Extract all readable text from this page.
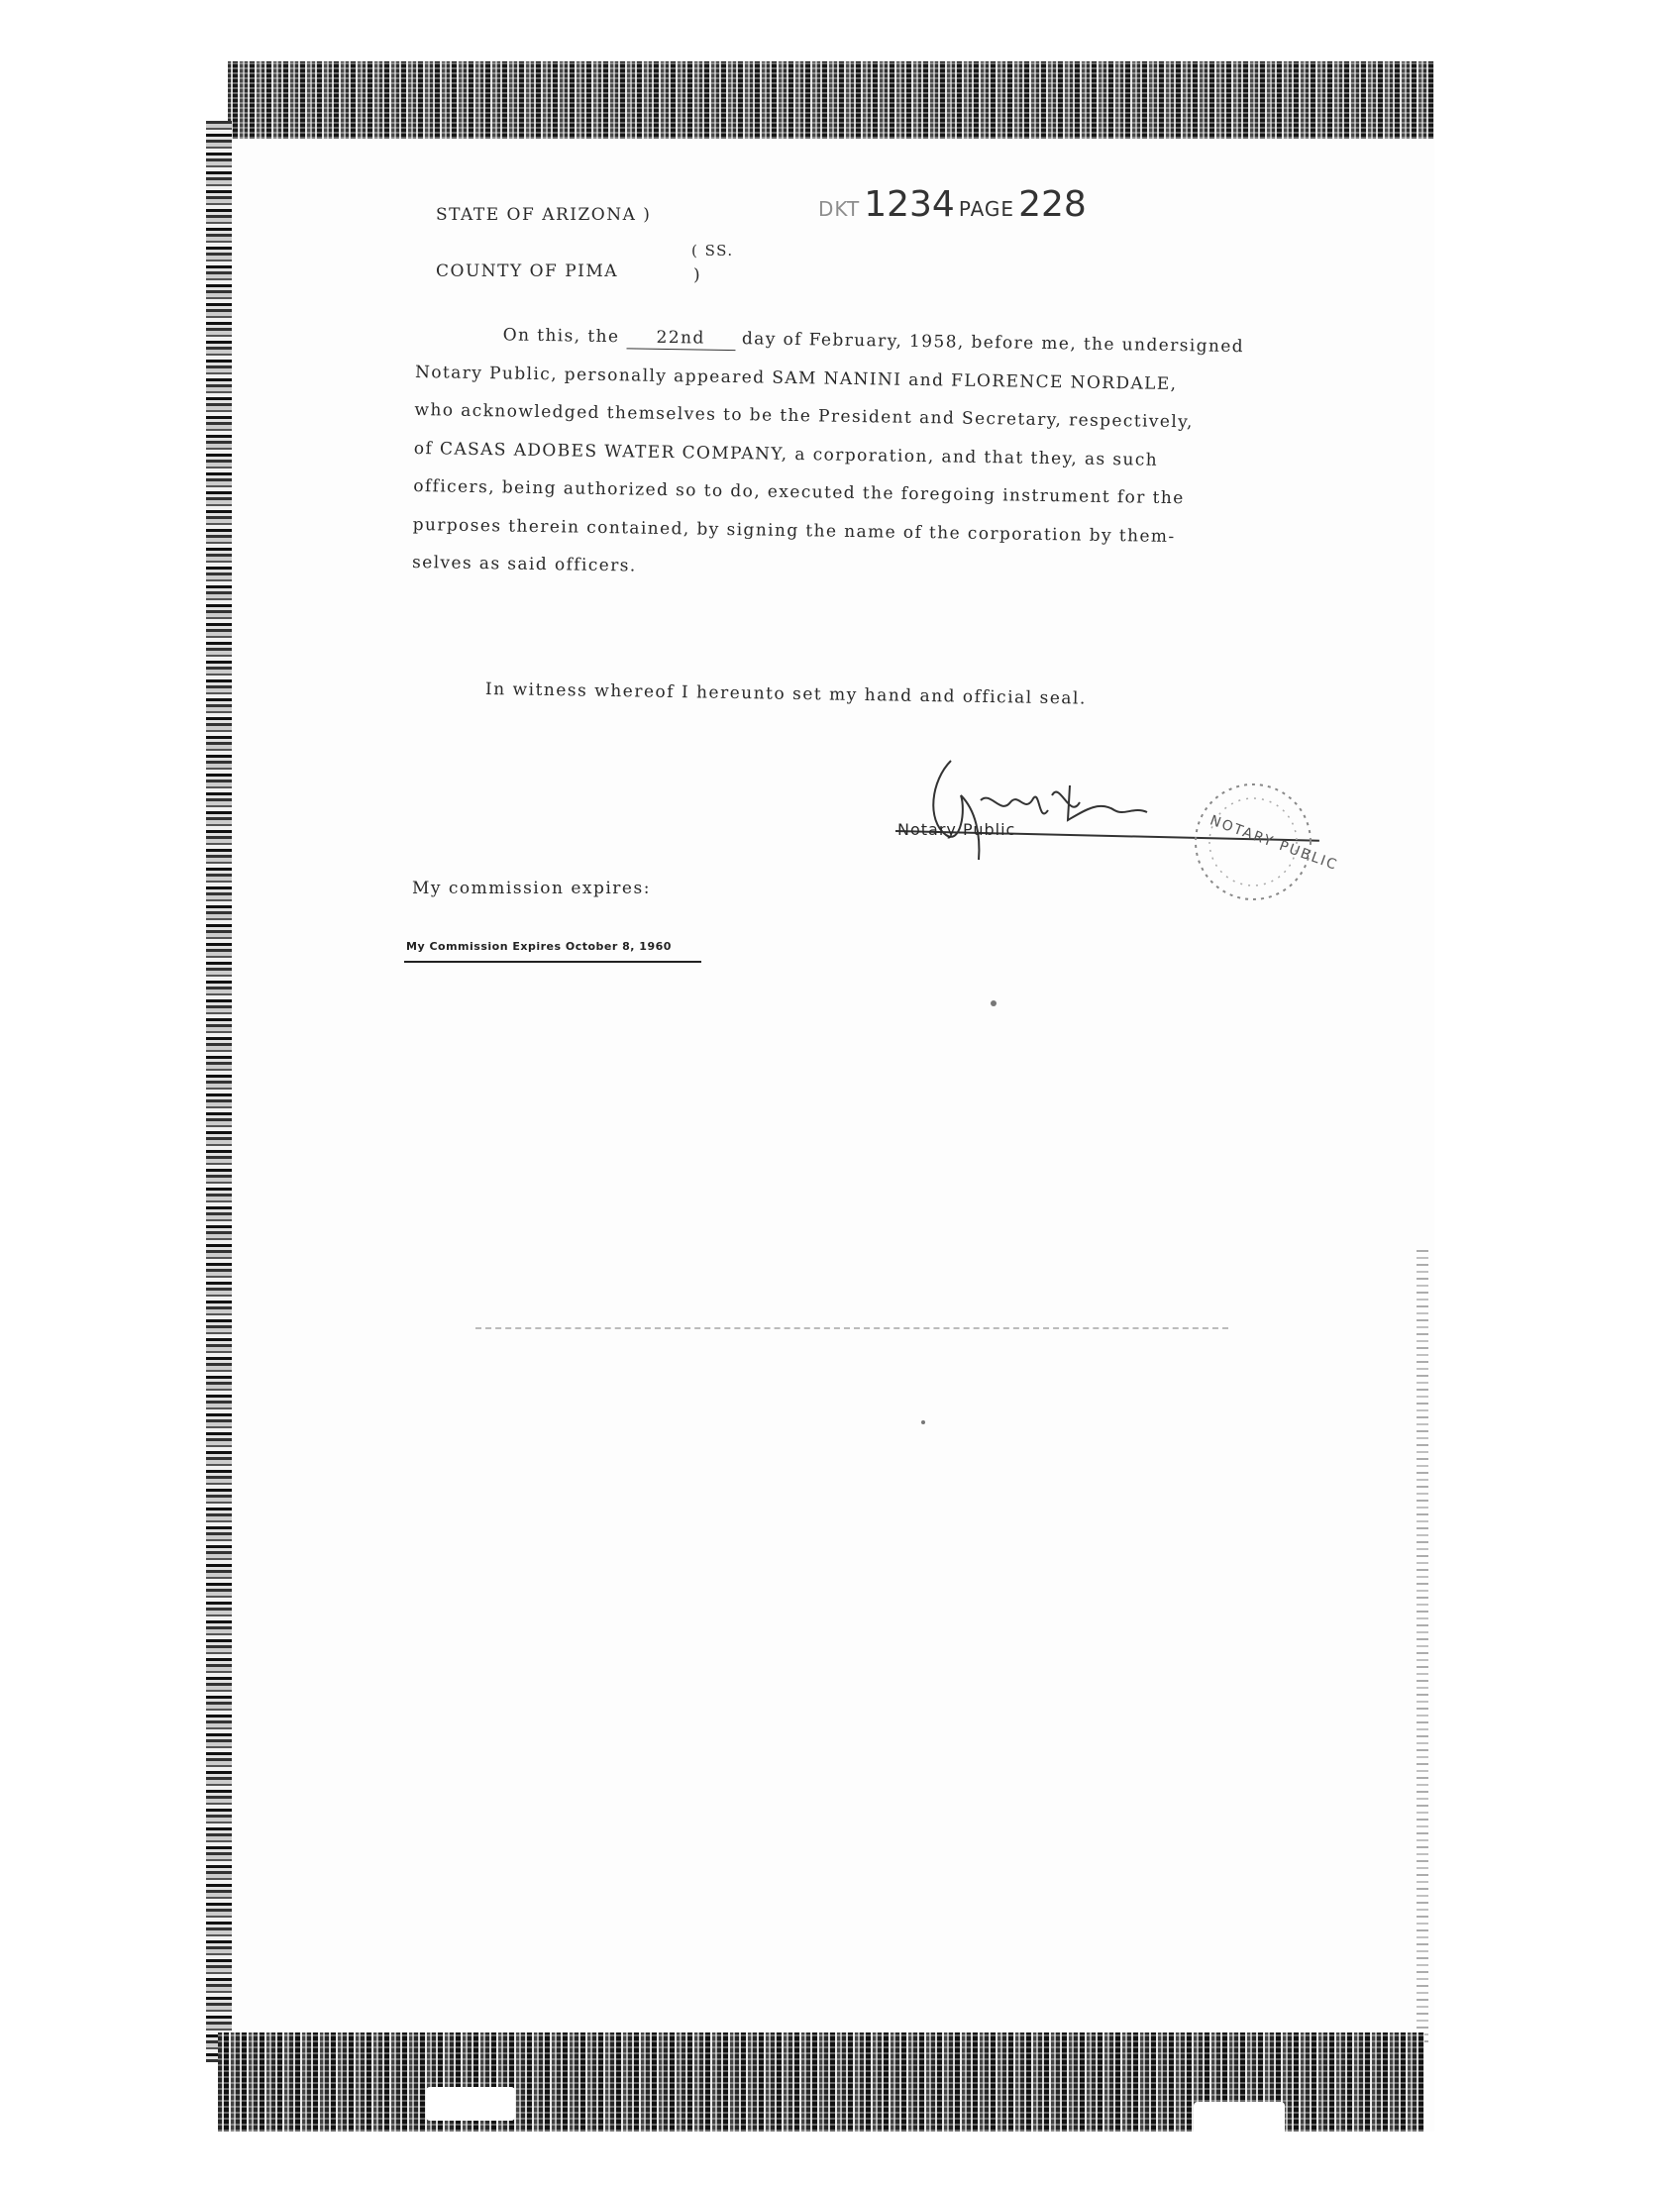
STATE OF ARIZONA )
( SS.
COUNTY OF PIMA	)
DKT 1234 PAGE 228
On this, the 22nd day of February, 1958, before me, the undersigned
Notary Public, personally appeared SAM NANINI and FLORENCE NORDALE,
who acknowledged themselves to be the President and Secretary, respectively,
of CASAS ADOBES WATER COMPANY, a corporation, and that they, as such
officers, being authorized so to do, executed the foregoing instrument for the
purposes therein contained, by signing the name of the corporation by them-
selves as said officers.
In witness whereof I hereunto set my hand and official seal.
Notary Public	NOTARY PUBLIC
My commission expires:
My Commission Expires October 8, 1960
